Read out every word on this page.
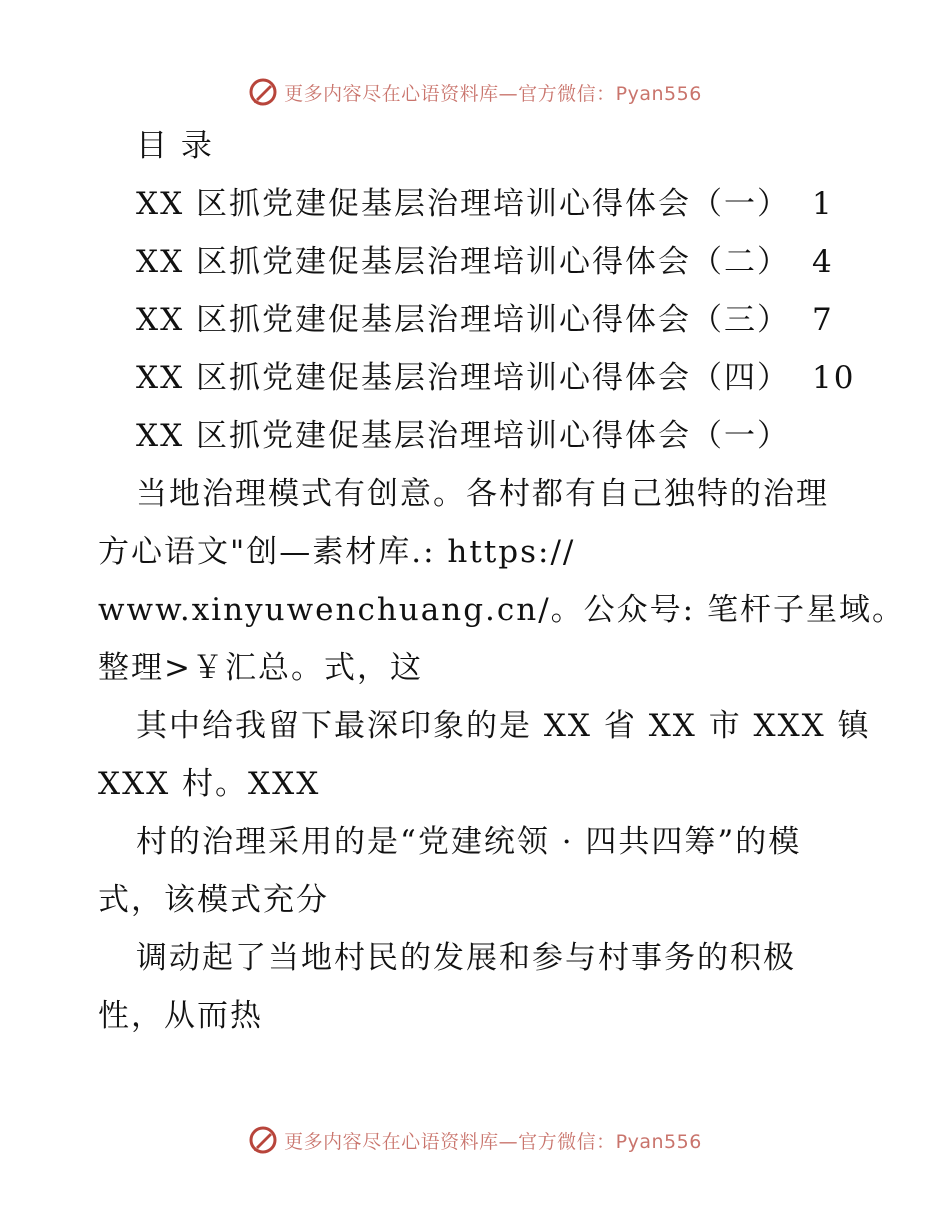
更多内容尽在心语资料库—官方微信：Pyan556
目 录
XX 区抓党建促基层治理培训心得体会（一） 1
XX 区抓党建促基层治理培训心得体会（二） 4
XX 区抓党建促基层治理培训心得体会（三） 7
XX 区抓党建促基层治理培训心得体会（四） 10
XX 区抓党建促基层治理培训心得体会（一）
当地治理模式有创意。各村都有自己独特的治理
方心语文"创—素材库.: https://
www.xinyuwenchuang.cn/。公众号: 笔杆子星域。
整理>￥汇总。式，这
其中给我留下最深印象的是 XX 省 XX 市 XXX 镇
XXX 村。XXX
村的治理采用的是“党建统领 · 四共四筹”的模
式，该模式充分
调动起了当地村民的发展和参与村事务的积极
性，从而热
更多内容尽在心语资料库—官方微信：Pyan556
